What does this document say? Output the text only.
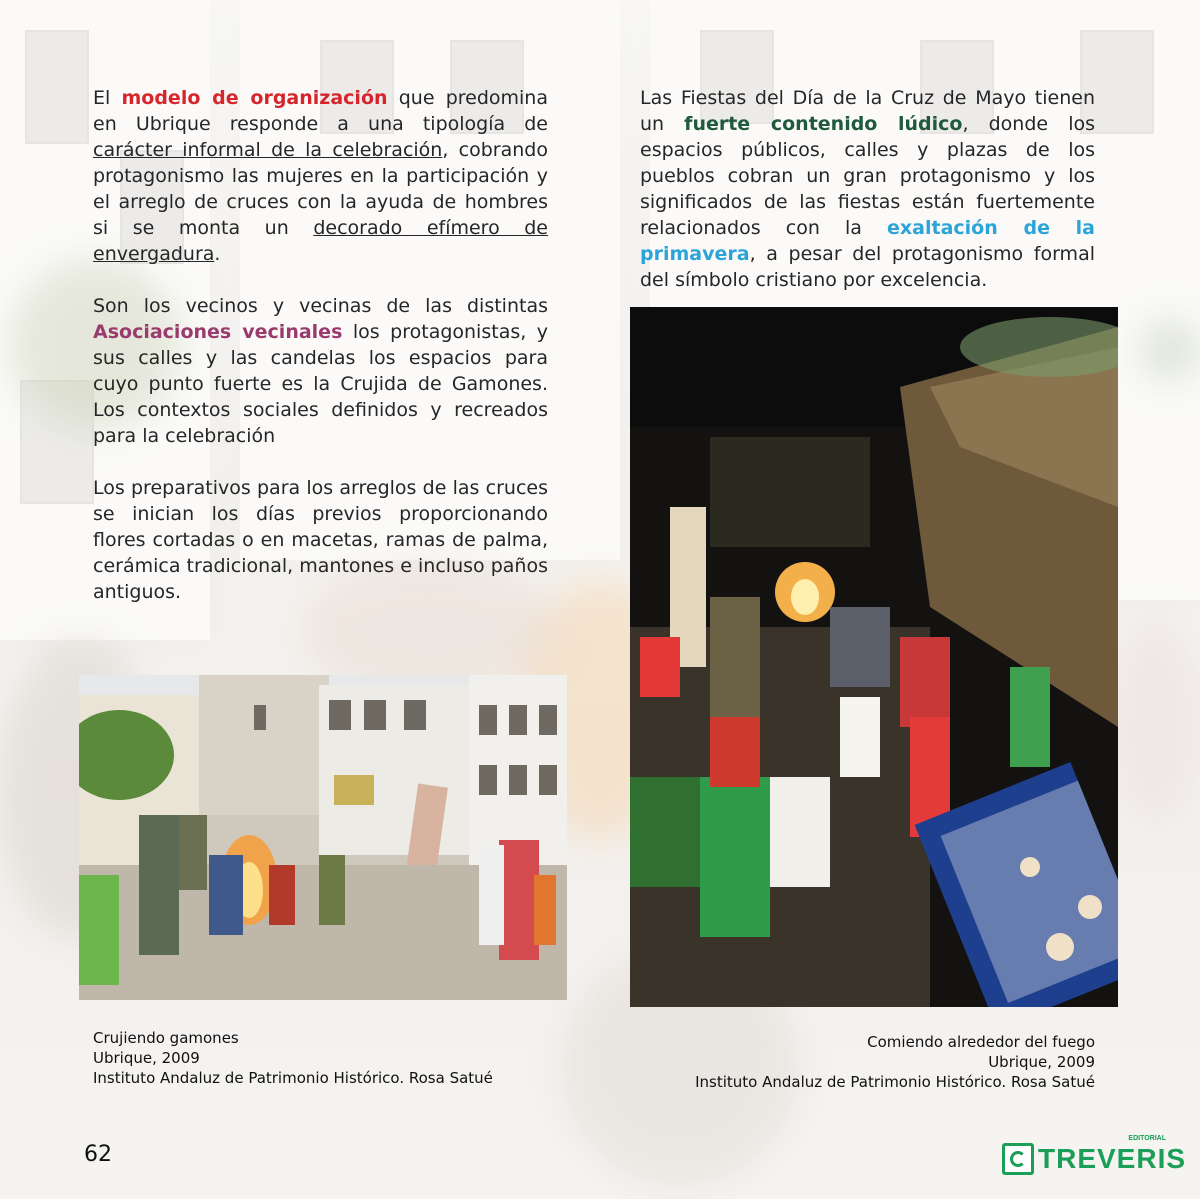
El modelo de organización que predomina en Ubrique responde a una tipología de carácter informal de la celebración, cobrando protagonismo las mujeres en la participación y el arreglo de cruces con la ayuda de hombres si se monta un decorado efímero de envergadura.

Son los vecinos y vecinas de las distintas Asociaciones vecinales los protagonistas, y sus calles y las candelas los espacios para cuyo punto fuerte es la Crujida de Gamones. Los contextos sociales definidos y recreados para la celebración

Los preparativos para los arreglos de las cruces se inician los días previos proporcionando flores cortadas o en macetas, ramas de palma, cerámica tradicional, mantones e incluso paños antiguos.

Las Fiestas del Día de la Cruz de Mayo tienen un fuerte contenido lúdico, donde los espacios públicos, calles y plazas de los pueblos cobran un gran protagonismo y los significados de las fiestas están fuertemente relacionados con la exaltación de la primavera, a pesar del protagonismo formal del símbolo cristiano por excelencia.

Crujiendo gamones
Ubrique, 2009
Instituto Andaluz de Patrimonio Histórico. Rosa Satué
Comiendo alrededor del fuego
Ubrique, 2009
Instituto Andaluz de Patrimonio Histórico. Rosa Satué
62	TREVERIS
EDITORIAL
